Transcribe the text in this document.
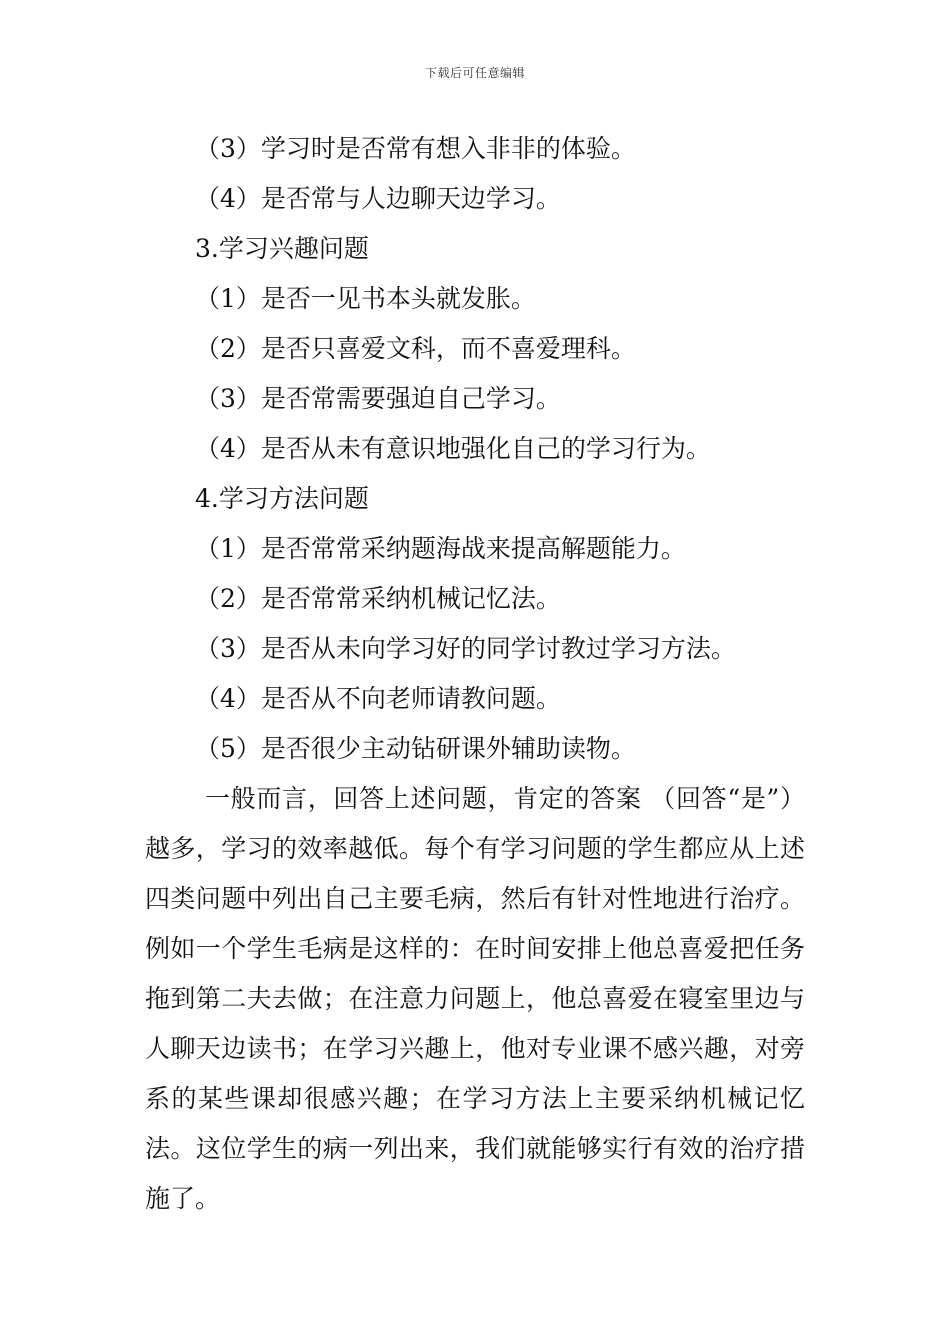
下载后可任意编辑
（3）学习时是否常有想入非非的体验。
（4）是否常与人边聊天边学习。
3.学习兴趣问题
（1）是否一见书本头就发胀。
（2）是否只喜爱文科，而不喜爱理科。
（3）是否常需要强迫自己学习。
（4）是否从未有意识地强化自己的学习行为。
4.学习方法问题
（1）是否常常采纳题海战来提高解题能力。
（2）是否常常采纳机械记忆法。
（3）是否从未向学习好的同学讨教过学习方法。
（4）是否从不向老师请教问题。
（5）是否很少主动钻研课外辅助读物。

一般而言，回答上述问题，肯定的答案 （回答“是”）越多，学习的效率越低。每个有学习问题的学生都应从上述四类问题中列出自己主要毛病，然后有针对性地进行治疗。例如一个学生毛病是这样的：在时间安排上他总喜爱把任务拖到第二夫去做；在注意力问题上，他总喜爱在寝室里边与人聊天边读书；在学习兴趣上，他对专业课不感兴趣，对旁系的某些课却很感兴趣；在学习方法上主要采纳机械记忆法。这位学生的病一列出来，我们就能够实行有效的治疗措施了。
